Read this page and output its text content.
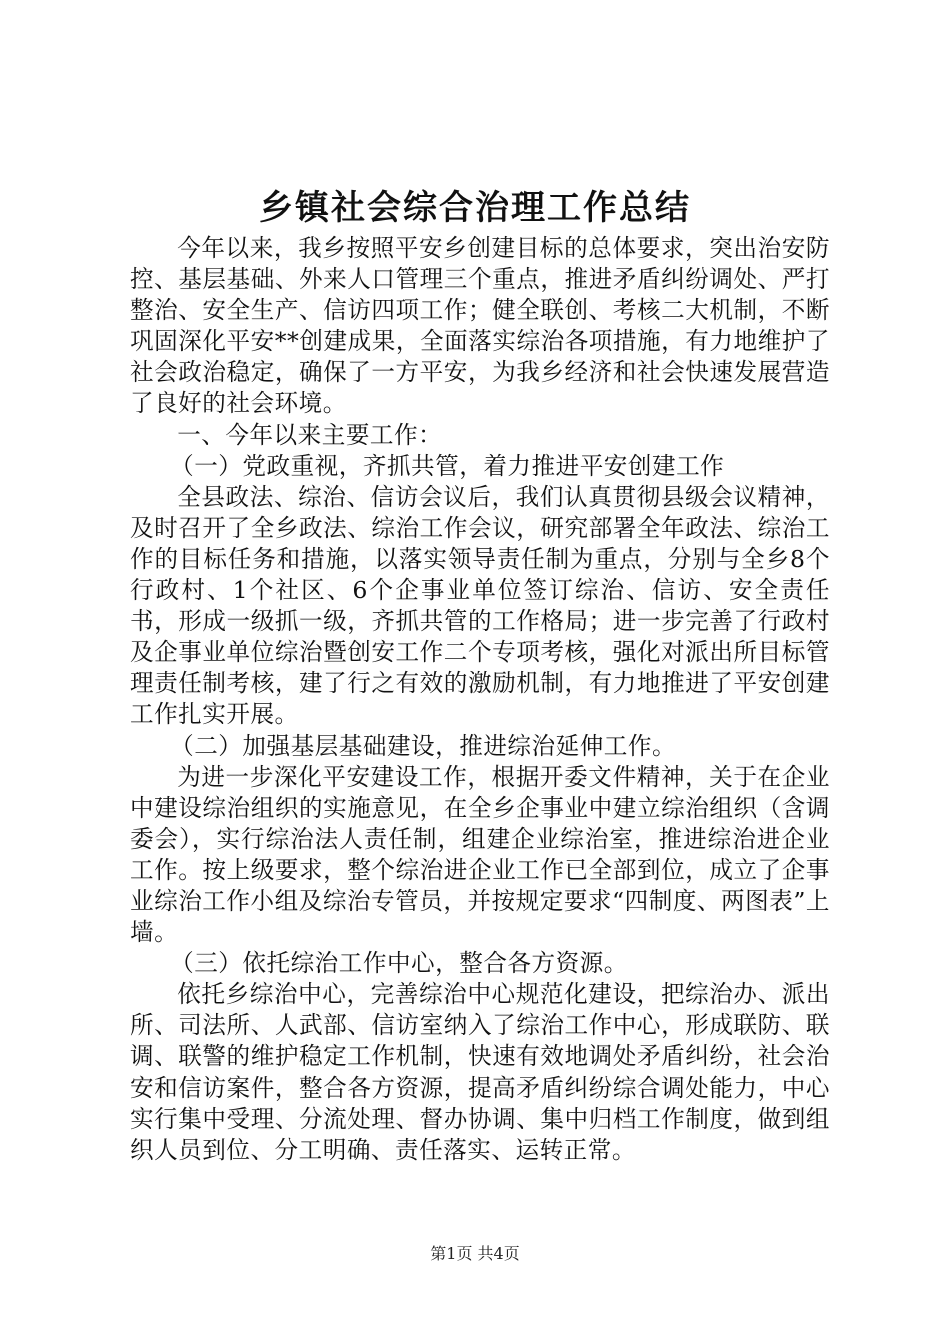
乡镇社会综合治理工作总结

今年以来，我乡按照平安乡创建目标的总体要求，突出治安防控、基层基础、外来人口管理三个重点，推进矛盾纠纷调处、严打整治、安全生产、信访四项工作；健全联创、考核二大机制，不断巩固深化平安**创建成果，全面落实综治各项措施，有力地维护了社会政治稳定，确保了一方平安，为我乡经济和社会快速发展营造了良好的社会环境。

一、今年以来主要工作：

（一）党政重视，齐抓共管，着力推进平安创建工作

全县政法、综治、信访会议后，我们认真贯彻县级会议精神，及时召开了全乡政法、综治工作会议，研究部署全年政法、综治工作的目标任务和措施，以落实领导责任制为重点，分别与全乡8个行政村、1个社区、6个企事业单位签订综治、信访、安全责任书，形成一级抓一级，齐抓共管的工作格局；进一步完善了行政村及企事业单位综治暨创安工作二个专项考核，强化对派出所目标管理责任制考核，建了行之有效的激励机制，有力地推进了平安创建工作扎实开展。

（二）加强基层基础建设，推进综治延伸工作。

为进一步深化平安建设工作，根据开委文件精神，关于在企业中建设综治组织的实施意见，在全乡企事业中建立综治组织（含调委会），实行综治法人责任制，组建企业综治室，推进综治进企业工作。按上级要求，整个综治进企业工作已全部到位，成立了企事业综治工作小组及综治专管员，并按规定要求“四制度、两图表”上墙。

（三）依托综治工作中心，整合各方资源。

依托乡综治中心，完善综治中心规范化建设，把综治办、派出所、司法所、人武部、信访室纳入了综治工作中心，形成联防、联调、联警的维护稳定工作机制，快速有效地调处矛盾纠纷，社会治安和信访案件，整合各方资源，提高矛盾纠纷综合调处能力，中心实行集中受理、分流处理、督办协调、集中归档工作制度，做到组织人员到位、分工明确、责任落实、运转正常。

第1页 共4页
